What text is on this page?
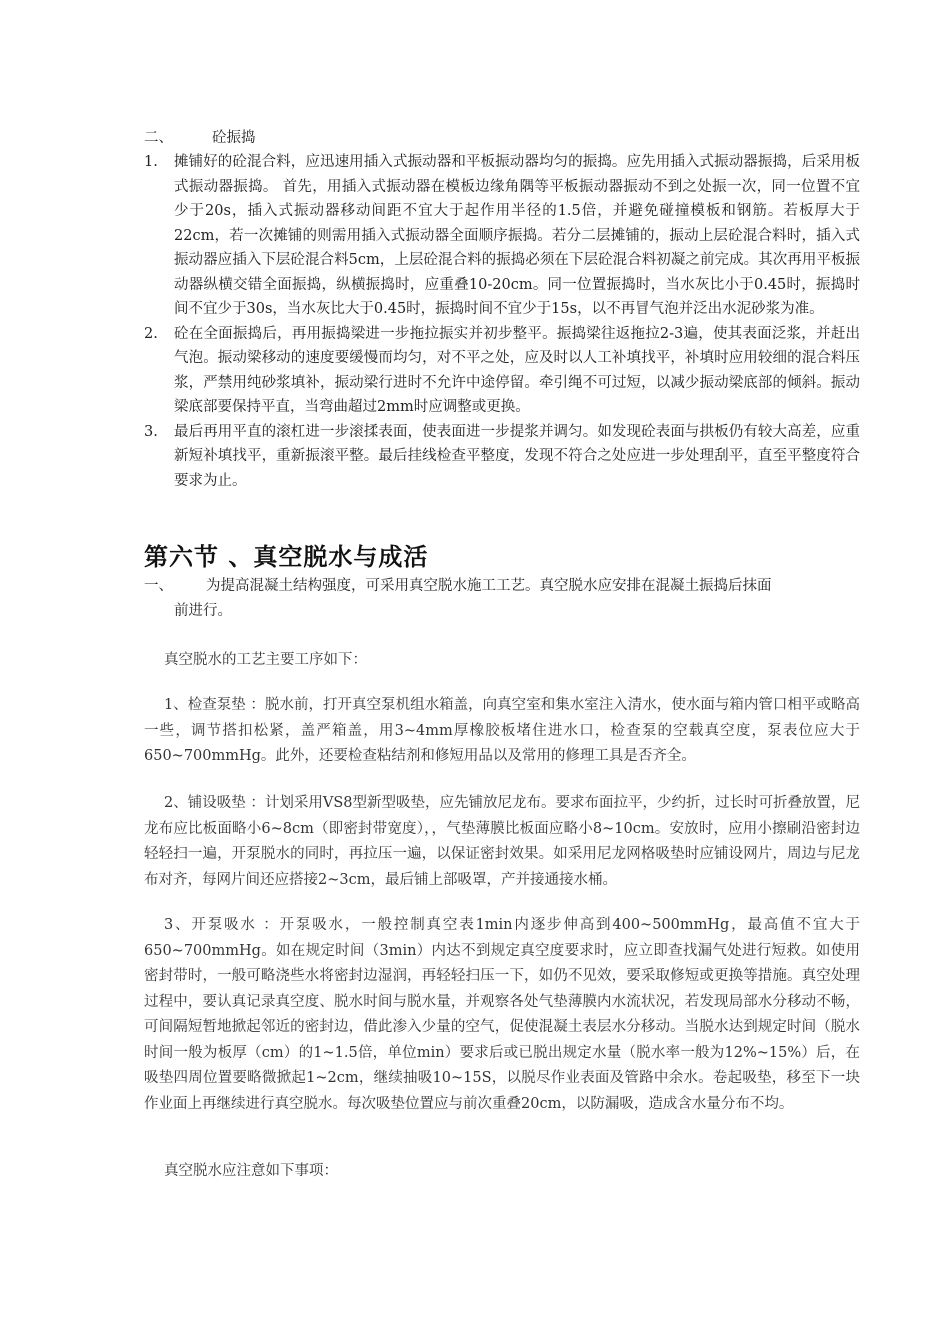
二、	砼振捣
1. 摊铺好的砼混合料，应迅速用插入式振动器和平板振动器均匀的振捣。应先用插入式振动器振捣，后采用板式振动器振捣。 首先，用插入式振动器在模板边缘角隅等平板振动器振动不到之处振一次，同一位置不宜少于20s，插入式振动器移动间距不宜大于起作用半径的1.5倍，并避免碰撞模板和钢筋。若板厚大于22cm，若一次摊铺的则需用插入式振动器全面顺序振捣。若分二层摊铺的，振动上层砼混合料时，插入式振动器应插入下层砼混合料5cm，上层砼混合料的振捣必须在下层砼混合料初凝之前完成。其次再用平板振动器纵横交错全面振捣，纵横振捣时，应重叠10-20cm。同一位置振捣时，当水灰比小于0.45时，振捣时间不宜少于30s，当水灰比大于0.45时，振捣时间不宜少于15s，以不再冒气泡并泛出水泥砂浆为准。
2. 砼在全面振捣后，再用振捣梁进一步拖拉振实并初步整平。振捣梁往返拖拉2-3遍，使其表面泛浆，并赶出气泡。振动梁移动的速度要缓慢而均匀，对不平之处，应及时以人工补填找平，补填时应用较细的混合料压浆，严禁用纯砂浆填补，振动梁行进时不允许中途停留。牵引绳不可过短，以减少振动梁底部的倾斜。振动梁底部要保持平直，当弯曲超过2mm时应调整或更换。
3. 最后再用平直的滚杠进一步滚揉表面，使表面进一步提浆并调匀。如发现砼表面与拱板仍有较大高差，应重新短补填找平，重新振滚平整。最后挂线检查平整度，发现不符合之处应进一步处理刮平，直至平整度符合要求为止。
第六节 、真空脱水与成活
一、 为提高混凝土结构强度，可采用真空脱水施工工艺。真空脱水应安排在混凝土振捣后抹面
前进行。
真空脱水的工艺主要工序如下：
1、检查泵垫 ：脱水前，打开真空泵机组水箱盖，向真空室和集水室注入清水，使水面与箱内管口相平或略高一些，调节搭扣松紧，盖严箱盖，用3~4mm厚橡胶板堵住进水口，检查泵的空载真空度，泵表位应大于650~700mmHg。此外，还要检查粘结剂和修短用品以及常用的修理工具是否齐全。
2、铺设吸垫 ：计划采用VS8型新型吸垫，应先铺放尼龙布。要求布面拉平，少约折，过长时可折叠放置，尼龙布应比板面略小6~8cm（即密封带宽度），，气垫薄膜比板面应略小8~10cm。安放时，应用小擦刷沿密封边轻轻扫一遍，开泵脱水的同时，再拉压一遍，以保证密封效果。如采用尼龙网格吸垫时应铺设网片，周边与尼龙布对齐，每网片间还应搭接2~3cm，最后铺上部吸罩，产并接通接水桶。
3、开泵吸水 ：开泵吸水，一般控制真空表1min内逐步伸高到400~500mmHg，最高值不宜大于650~700mmHg。如在规定时间（3min）内达不到规定真空度要求时，应立即查找漏气处进行短救。如使用密封带时，一般可略浇些水将密封边湿润，再轻轻扫压一下，如仍不见效，要采取修短或更换等措施。真空处理过程中，要认真记录真空度、脱水时间与脱水量，并观察各处气垫薄膜内水流状况，若发现局部水分移动不畅，可间隔短暂地掀起邻近的密封边，借此渗入少量的空气，促使混凝土表层水分移动。当脱水达到规定时间（脱水时间一般为板厚（cm）的1~1.5倍，单位min）要求后或已脱出规定水量（脱水率一般为12%~15%）后，在吸垫四周位置要略微掀起1~2cm，继续抽吸10~15S，以脱尽作业表面及管路中余水。卷起吸垫，移至下一块作业面上再继续进行真空脱水。每次吸垫位置应与前次重叠20cm，以防漏吸，造成含水量分布不均。
真空脱水应注意如下事项：
